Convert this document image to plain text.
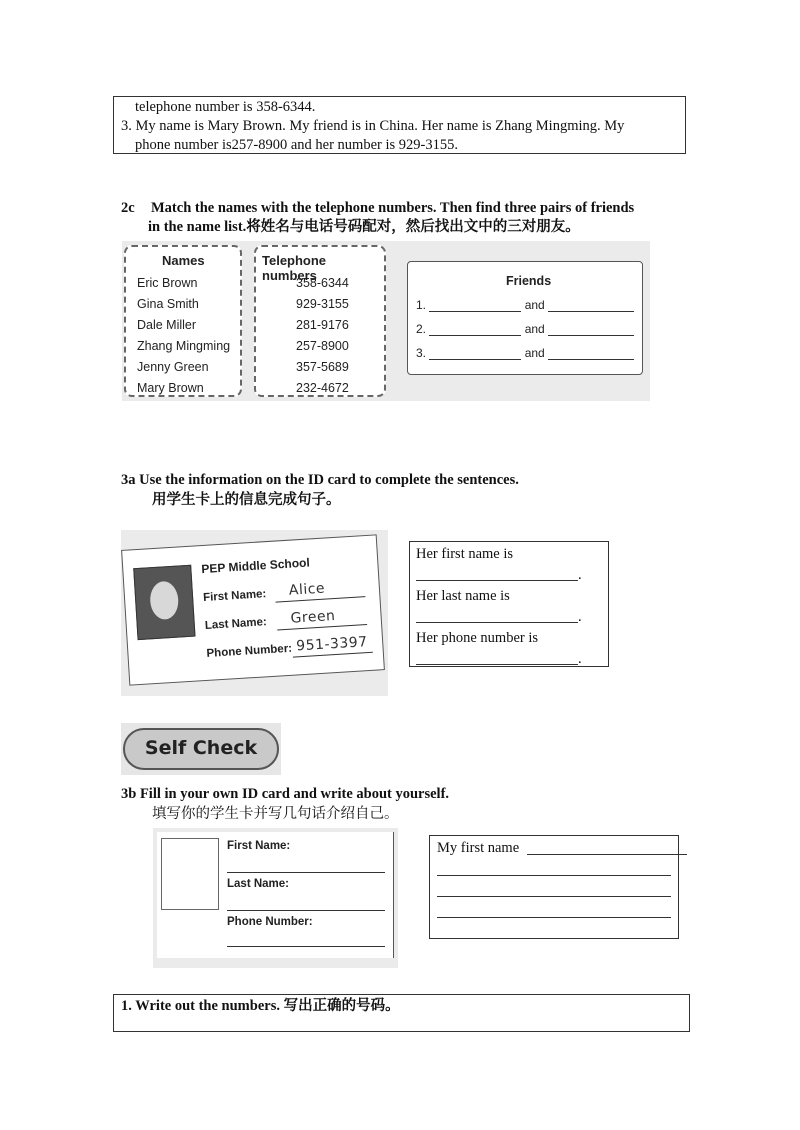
telephone number is 358-6344.
3. My name is Mary Brown. My friend is in China. Her name is Zhang Mingming. My
phone number is257-8900 and her number is 929-3155.
2c Match the names with the telephone numbers. Then find three pairs of friends
in the name list.将姓名与电话号码配对，然后找出文中的三对朋友。
Names
Eric Brown
Gina Smith
Dale Miller
Zhang Mingming
Jenny Green
Mary Brown
Telephone numbers
358-6344
929-3155
281-9176
257-8900
357-5689
232-4672
Friends
1.	and
2.	and
3.	and
3a Use the information on the ID card to complete the sentences.
用学生卡上的信息完成句子。
PEP Middle School
First Name: Alice
Last Name: Green
Phone Number: 951-3397
Her first name is
.
Her last name is
.
Her phone number is
.
Self Check
3b Fill in your own ID card and write about yourself.
填写你的学生卡并写几句话介绍自己。
First Name:
Last Name:
Phone Number:
My first name
1. Write out the numbers. 写出正确的号码。
